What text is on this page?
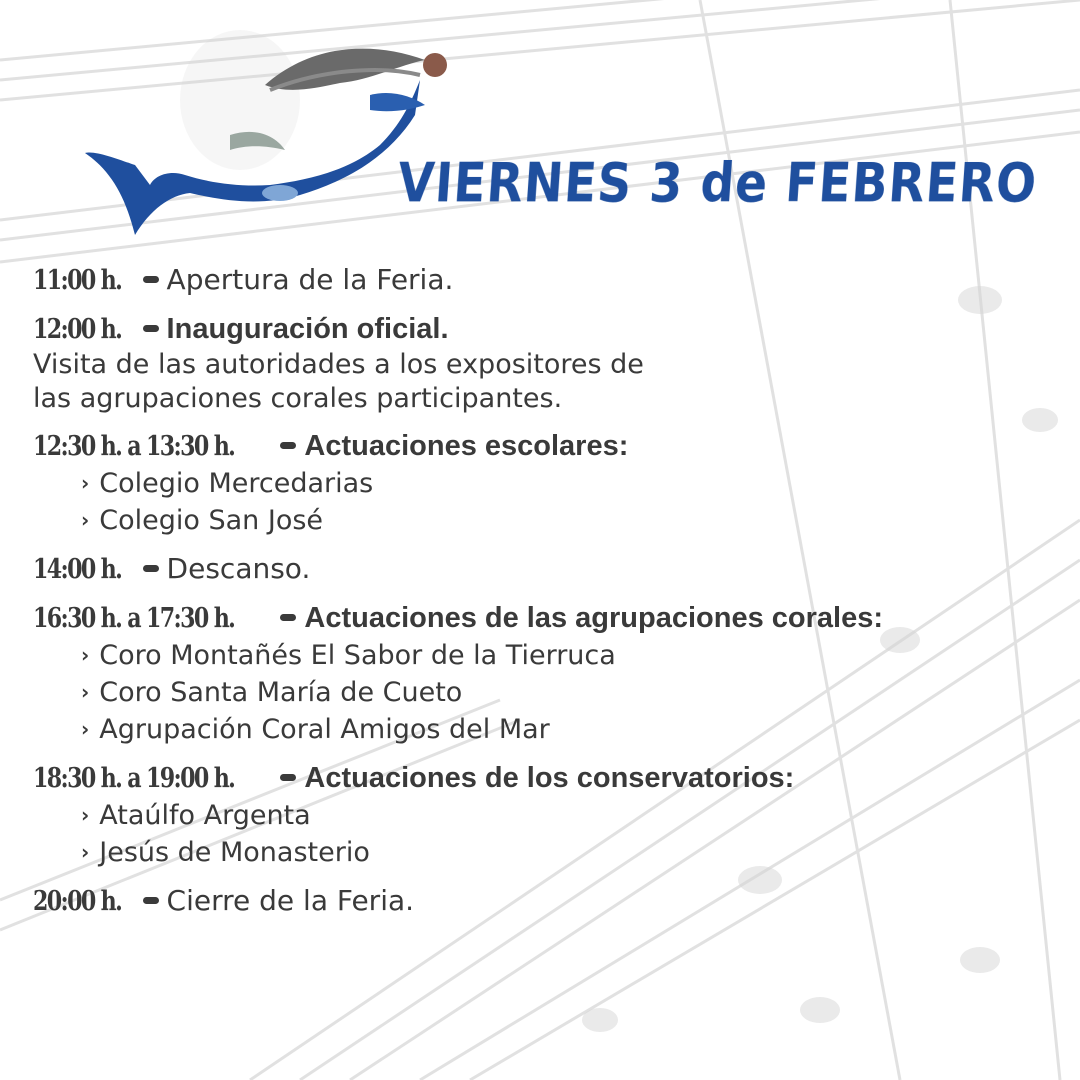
VIERNES 3 de FEBRERO
11:00 h. Apertura de la Feria.
12:00 h. Inauguración oficial.
Visita de las autoridades a los expositores de
las agrupaciones corales participantes.
12:30 h. a 13:30 h. Actuaciones escolares:
› Colegio Mercedarias
› Colegio San José
14:00 h. Descanso.
16:30 h. a 17:30 h. Actuaciones de las agrupaciones corales:
› Coro Montañés El Sabor de la Tierruca
› Coro Santa María de Cueto
› Agrupación Coral Amigos del Mar
18:30 h. a 19:00 h. Actuaciones de los conservatorios:
› Ataúlfo Argenta
› Jesús de Monasterio
20:00 h. Cierre de la Feria.
